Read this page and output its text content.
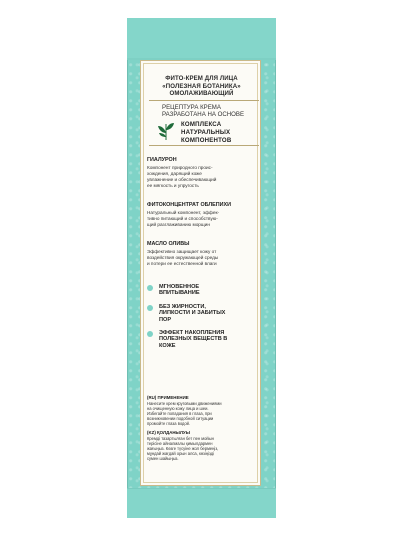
ФИТО-КРЕМ ДЛЯ ЛИЦА
«ПОЛЕЗНАЯ БОТАНИКА»
ОМОЛАЖИВАЮЩИЙ
РЕЦЕПТУРА КРЕМА
РАЗРАБОТАНА НА ОСНОВЕ
КОМПЛЕКСА
НАТУРАЛЬНЫХ
КОМПОНЕНТОВ
ГИАЛУРОН
Компонент природного проис-
хождения, дарящий коже
увлажнение и обеспечивающий
ее мягкость и упругость
ФИТОКОНЦЕНТРАТ ОБЛЕПИХИ
Натуральный компонент, эффек-
тивно питающий и способствую-
щий разглаживанию морщин
МАСЛО ОЛИВЫ
Эффективно защищает кожу от
воздействия окружающей среды
и потери ее естественной влаги
МГНОВЕННОЕ
ВПИТЫВАНИЕ
БЕЗ ЖИРНОСТИ,
ЛИПКОСТИ И ЗАБИТЫХ
ПОР
ЭФФЕКТ НАКОПЛЕНИЯ
ПОЛЕЗНЫХ ВЕЩЕСТВ В
КОЖЕ
(RU) ПРИМЕНЕНИЕ
Нанесите крем круговыми движениями
на очищенную кожу лица и шеи.
Избегайте попадания в глаза, при
возникновении подобной ситуации
промойте глаза водой.
(KZ) ҚОЛДАНЫЛУЫ
Кремді тазартылған бет пен мойын
терісіне айналмалы қимылдармен
жағыңыз. Көзге түсуіне жол бермеңіз,
мұндай жағдай орын алса, көзіңізді
сумен шайыңыз.
